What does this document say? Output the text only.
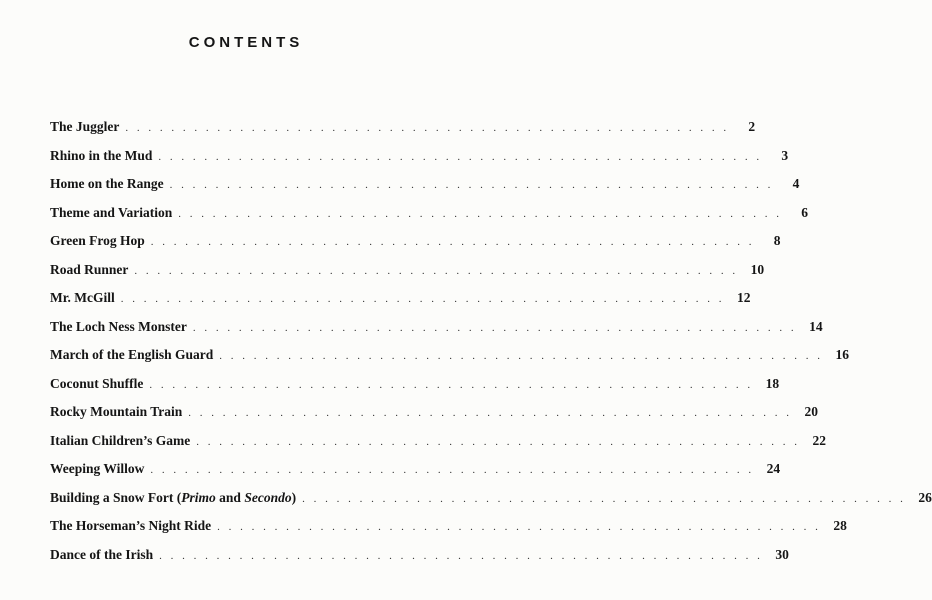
CONTENTS
The Juggler . . . . . . . . . . . . . . . . . . . . . . . . . . . . . . . . . . . . . . . . . . . . . . . . . . . . .	2
Rhino in the Mud . . . . . . . . . . . . . . . . . . . . . . . . . . . . . . . . . . . . . . . . . . . . . . . . . . . . .	3
Home on the Range . . . . . . . . . . . . . . . . . . . . . . . . . . . . . . . . . . . . . . . . . . . . . . . . . . . . .	4
Theme and Variation . . . . . . . . . . . . . . . . . . . . . . . . . . . . . . . . . . . . . . . . . . . . . . . . . . . . .	6
Green Frog Hop . . . . . . . . . . . . . . . . . . . . . . . . . . . . . . . . . . . . . . . . . . . . . . . . . . . . .	8
Road Runner . . . . . . . . . . . . . . . . . . . . . . . . . . . . . . . . . . . . . . . . . . . . . . . . . . . . . 10
Mr. McGill . . . . . . . . . . . . . . . . . . . . . . . . . . . . . . . . . . . . . . . . . . . . . . . . . . . . . 12
The Loch Ness Monster . . . . . . . . . . . . . . . . . . . . . . . . . . . . . . . . . . . . . . . . . . . . . . . . . . . . . 14
March of the English Guard . . . . . . . . . . . . . . . . . . . . . . . . . . . . . . . . . . . . . . . . . . . . . . . . . . . . . 16
Coconut Shuffle . . . . . . . . . . . . . . . . . . . . . . . . . . . . . . . . . . . . . . . . . . . . . . . . . . . . . 18
Rocky Mountain Train . . . . . . . . . . . . . . . . . . . . . . . . . . . . . . . . . . . . . . . . . . . . . . . . . . . . . 20
Italian Children’s Game . . . . . . . . . . . . . . . . . . . . . . . . . . . . . . . . . . . . . . . . . . . . . . . . . . . . . 22
Weeping Willow . . . . . . . . . . . . . . . . . . . . . . . . . . . . . . . . . . . . . . . . . . . . . . . . . . . . . 24
Building a Snow Fort (Primo and Secondo) . . . . . . . . . . . . . . . . . . . . . . . . . . . . . . . . . . . . . . . . . . . . . . . . . . . . . 26
The Horseman’s Night Ride . . . . . . . . . . . . . . . . . . . . . . . . . . . . . . . . . . . . . . . . . . . . . . . . . . . . . 28
Dance of the Irish . . . . . . . . . . . . . . . . . . . . . . . . . . . . . . . . . . . . . . . . . . . . . . . . . . . . . 30
